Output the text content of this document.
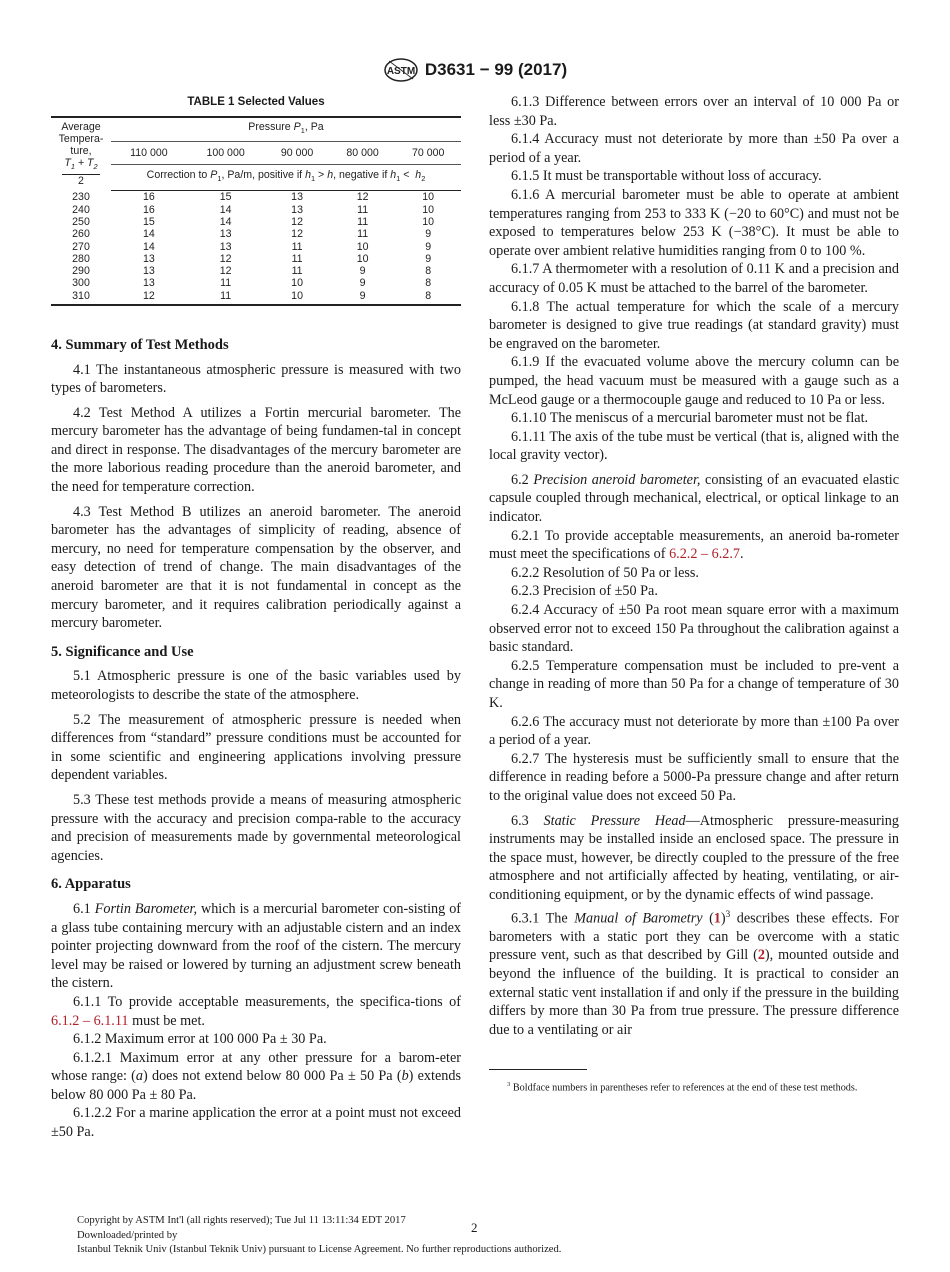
ASTM D3631 − 99 (2017)
TABLE 1 Selected Values
Average
Tempera-
ture,

$\frac{T_1 + T_2}{2}$	Pressure $P_1$, Pa				
	110 000	100 000	90 000	80 000	70 000
	Correction to $P_1$, Pa/m, positive if $h_1 > h$, negative if $h_1 < h_2$
230	16	15	13	12	10
240	16	14	13	11	10
250	15	14	12	11	10
260	14	13	12	11	9
270	14	13	11	10	9
280	13	12	11	10	9
290	13	12	11	9	8
300	13	11	10	9	8
310	12	11	10	9	8
4. Summary of Test Methods

4.1 The instantaneous atmospheric pressure is measured with two types of barometers.

4.2 Test Method A utilizes a Fortin mercurial barometer. The mercury barometer has the advantage of being fundamen-tal in concept and direct in response. The disadvantages of the mercury barometer are the more laborious reading procedure than the aneroid barometer, and the need for temperature correction.

4.3 Test Method B utilizes an aneroid barometer. The aneroid barometer has the advantages of simplicity of reading, absence of mercury, no need for temperature compensation by the observer, and easy detection of trend of change. The main disadvantages of the aneroid barometer are that it is not fundamental in concept as the mercury barometer, and it requires calibration periodically against a mercury barometer.

5. Significance and Use

5.1 Atmospheric pressure is one of the basic variables used by meteorologists to describe the state of the atmosphere.

5.2 The measurement of atmospheric pressure is needed when differences from “standard” pressure conditions must be accounted for in some scientific and engineering applications involving pressure dependent variables.

5.3 These test methods provide a means of measuring atmospheric pressure with the accuracy and precision compa-rable to the accuracy and precision of measurements made by governmental meteorological agencies.

6. Apparatus

6.1 Fortin Barometer, which is a mercurial barometer con-sisting of a glass tube containing mercury with an adjustable cistern and an index pointer projecting downward from the roof of the cistern. The mercury level may be raised or lowered by turning an adjustment screw beneath the cistern.

6.1.1 To provide acceptable measurements, the specifica-tions of 6.1.2 – 6.1.11 must be met.

6.1.2 Maximum error at 100 000 Pa ± 30 Pa.

6.1.2.1 Maximum error at any other pressure for a barom-eter whose range: (a) does not extend below 80 000 Pa ± 50 Pa (b) extends below 80 000 Pa ± 80 Pa.

6.1.2.2 For a marine application the error at a point must not exceed ±50 Pa.

6.1.3 Difference between errors over an interval of 10 000 Pa or less ±30 Pa.

6.1.4 Accuracy must not deteriorate by more than ±50 Pa over a period of a year.

6.1.5 It must be transportable without loss of accuracy.

6.1.6 A mercurial barometer must be able to operate at ambient temperatures ranging from 253 to 333 K (−20 to 60°C) and must not be exposed to temperatures below 253 K (−38°C). It must be able to operate over ambient relative humidities ranging from 0 to 100 %.

6.1.7 A thermometer with a resolution of 0.11 K and a precision and accuracy of 0.05 K must be attached to the barrel of the barometer.

6.1.8 The actual temperature for which the scale of a mercury barometer is designed to give true readings (at standard gravity) must be engraved on the barometer.

6.1.9 If the evacuated volume above the mercury column can be pumped, the head vacuum must be measured with a gauge such as a McLeod gauge or a thermocouple gauge and reduced to 10 Pa or less.

6.1.10 The meniscus of a mercurial barometer must not be flat.

6.1.11 The axis of the tube must be vertical (that is, aligned with the local gravity vector).

6.2 Precision aneroid barometer, consisting of an evacuated elastic capsule coupled through mechanical, electrical, or optical linkage to an indicator.

6.2.1 To provide acceptable measurements, an aneroid ba-rometer must meet the specifications of 6.2.2 – 6.2.7.

6.2.2 Resolution of 50 Pa or less.

6.2.3 Precision of ±50 Pa.

6.2.4 Accuracy of ±50 Pa root mean square error with a maximum observed error not to exceed 150 Pa throughout the calibration against a basic standard.

6.2.5 Temperature compensation must be included to pre-vent a change in reading of more than 50 Pa for a change of temperature of 30 K.

6.2.6 The accuracy must not deteriorate by more than ±100 Pa over a period of a year.

6.2.7 The hysteresis must be sufficiently small to ensure that the difference in reading before a 5000-Pa pressure change and after return to the original value does not exceed 50 Pa.

6.3 Static Pressure Head—Atmospheric pressure-measuring instruments may be installed inside an enclosed space. The pressure in the space must, however, be directly coupled to the pressure of the free atmosphere and not artificially affected by heating, ventilating, or air-conditioning equipment, or by the dynamic effects of wind passage.

6.3.1 The Manual of Barometry $(1)^3$ describes these effects. For barometers with a static port they can be overcome with a static pressure vent, such as that described by Gill (2), mounted outside and beyond the influence of the building. It is practical to consider an external static vent installation if and only if the pressure in the building differs by more than 30 Pa from true pressure. The pressure difference due to a ventilating or air

$^3$ Boldface numbers in parentheses refer to references at the end of these test methods.

Copyright by ASTM Int'l (all rights reserved); Tue Jul 11 13:11:34 EDT 2017
Downloaded/printed by
Istanbul Teknik Univ (Istanbul Teknik Univ) pursuant to License Agreement. No further reproductions authorized.
2
